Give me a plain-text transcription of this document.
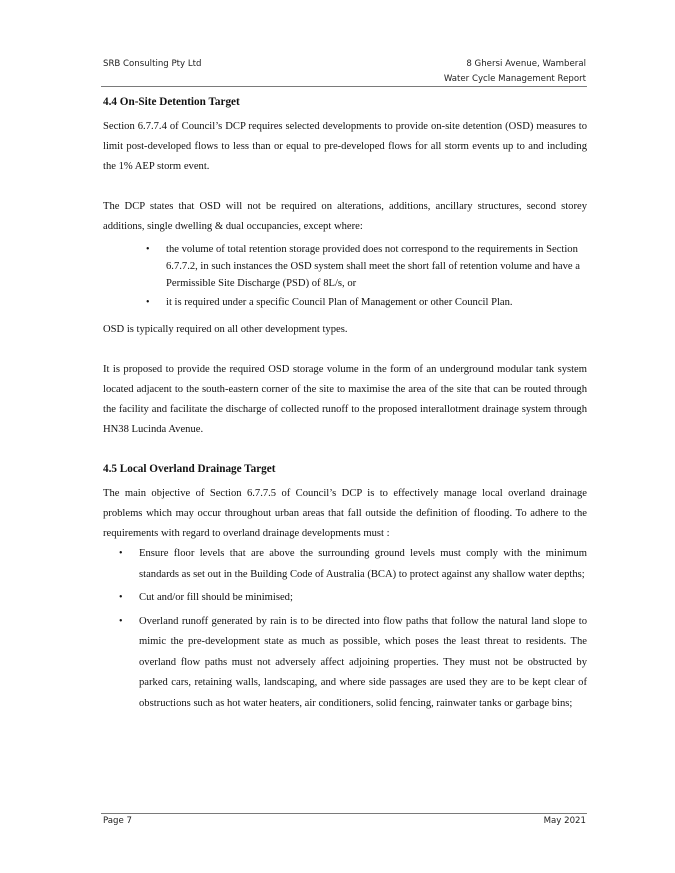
SRB Consulting Pty Ltd	8 Ghersi Avenue, Wamberal
Water Cycle Management Report

4.4 On-Site Detention Target

Section 6.7.7.4 of Council’s DCP requires selected developments to provide on-site detention (OSD) measures to limit post-developed flows to less than or equal to pre-developed flows for all storm events up to and including the 1% AEP storm event.

The DCP states that OSD will not be required on alterations, additions, ancillary structures, second storey additions, single dwelling & dual occupancies, except where:

• the volume of total retention storage provided does not correspond to the requirements in Section 6.7.7.2, in such instances the OSD system shall meet the short fall of retention volume and have a Permissible Site Discharge (PSD) of 8L/s, or
• it is required under a specific Council Plan of Management or other Council Plan.

OSD is typically required on all other development types.

It is proposed to provide the required OSD storage volume in the form of an underground modular tank system located adjacent to the south-eastern corner of the site to maximise the area of the site that can be routed through the facility and facilitate the discharge of collected runoff to the proposed interallotment drainage system through HN38 Lucinda Avenue.

4.5 Local Overland Drainage Target

The main objective of Section 6.7.7.5 of Council’s DCP is to effectively manage local overland drainage problems which may occur throughout urban areas that fall outside the definition of flooding. To adhere to the requirements with regard to overland drainage developments must :

• Ensure floor levels that are above the surrounding ground levels must comply with the minimum standards as set out in the Building Code of Australia (BCA) to protect against any shallow water depths;
• Cut and/or fill should be minimised;
• Overland runoff generated by rain is to be directed into flow paths that follow the natural land slope to mimic the pre-development state as much as possible, which poses the least threat to residents. The overland flow paths must not adversely affect adjoining properties. They must not be obstructed by parked cars, retaining walls, landscaping, and where side passages are used they are to be kept clear of obstructions such as hot water heaters, air conditioners, solid fencing, rainwater tanks or garbage bins;
Page 7	May 2021
